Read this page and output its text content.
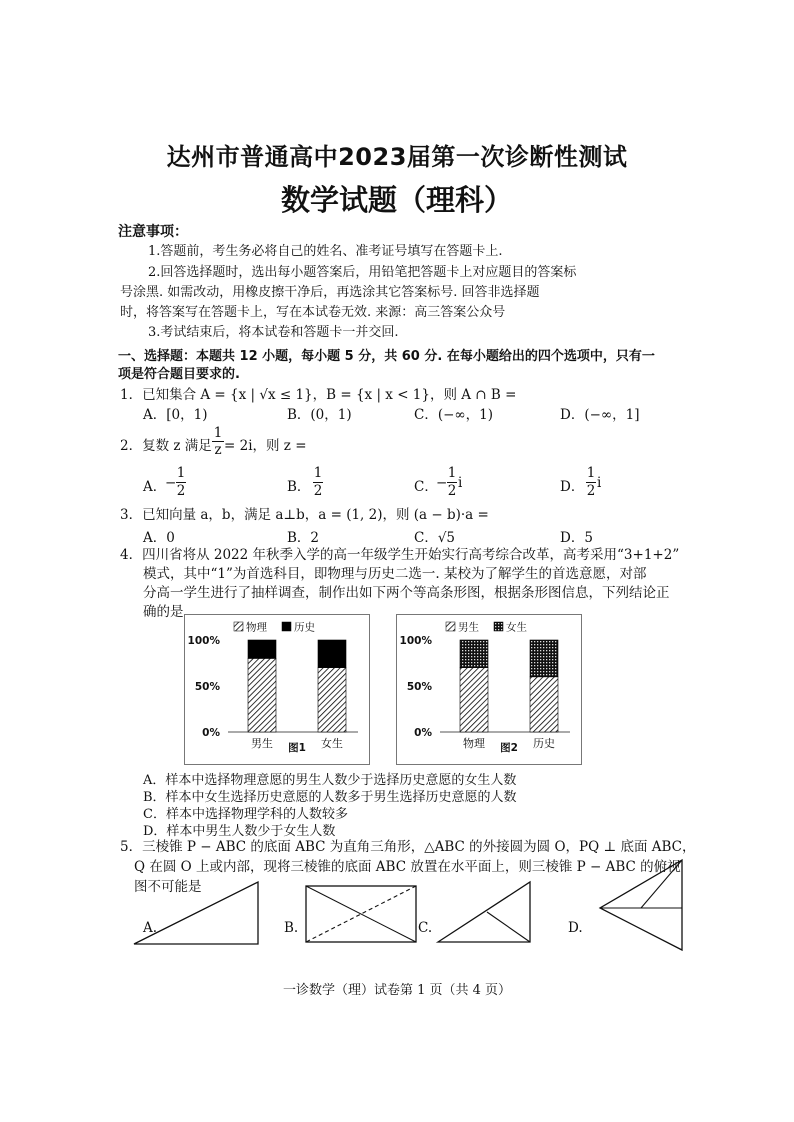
达州市普通高中2023届第一次诊断性测试
数学试题（理科）
注意事项：
1.答题前，考生务必将自己的姓名、准考证号填写在答题卡上.
2.回答选择题时，选出每小题答案后，用铅笔把答题卡上对应题目的答案标
号涂黑. 如需改动，用橡皮擦干净后，再选涂其它答案标号. 回答非选择题
时，将答案写在答题卡上，写在本试卷无效. 来源：高三答案公众号
3.考试结束后，将本试卷和答题卡一并交回.
一、选择题：本题共 12 小题，每小题 5 分，共 60 分. 在每小题给出的四个选项中，只有一
项是符合题目要求的.
1．已知集合 A = {x | √x ≤ 1}，B = {x | x < 1}，则 A ∩ B =
A．[0，1)	B．(0，1)	C．(−∞，1)	D．(−∞，1]
2．复数 z 满足 $\frac{1}{z} = 2i$，则 z =
A．
− $\frac{1}{2}$	B． $\frac{1}{2}$	C．
− $\frac{1}{2}$ i	D． $\frac{1}{2}$ i
3．已知向量 a，b，满足 a⊥b，a = (1, 2)，则 (a − b)·a =
A．0	B．2	C．√5	D．5
4．四川省将从 2022 年秋季入学的高一年级学生开始实行高考综合改革，高考采用“3+1+2”
模式，其中“1”为首选科目，即物理与历史二选一. 某校为了解学生的首选意愿，对部
分高一学生进行了抽样调查，制作出如下两个等高条形图，根据条形图信息，下列结论正
确的是
100%
50%
0%
男生	女生
图1
物理	历史
100%
50%
0%
物理	历史
图2
男生	女生
A．样本中选择物理意愿的男生人数少于选择历史意愿的女生人数
B．样本中女生选择历史意愿的人数多于男生选择历史意愿的人数
C．样本中选择物理学科的人数较多
D．样本中男生人数少于女生人数
5．三棱锥 P − ABC 的底面 ABC 为直角三角形，△ABC 的外接圆为圆 O，PQ ⊥ 底面 ABC，
Q 在圆 O 上或内部，现将三棱锥的底面 ABC 放置在水平面上，则三棱锥 P − ABC 的俯视
图不可能是
A.	B.	C.	D.
一诊数学（理）试卷第 1 页（共 4 页）
